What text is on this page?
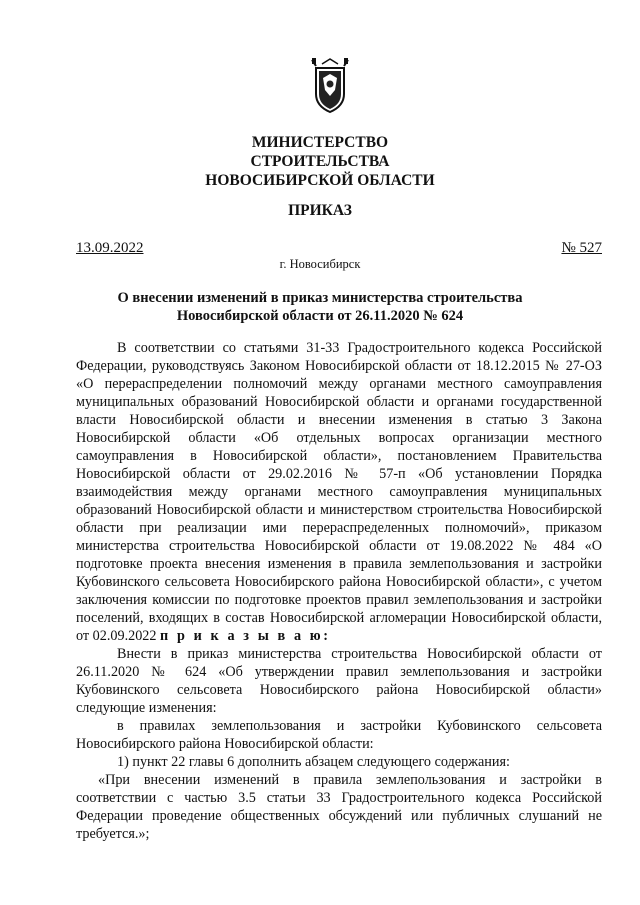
МИНИСТЕРСТВО
СТРОИТЕЛЬСТВА
НОВОСИБИРСКОЙ ОБЛАСТИ
ПРИКАЗ
13.09.2022	№ 527
г. Новосибирск
О внесении изменений в приказ министерства строительства
Новосибирской области от 26.11.2020 № 624

В соответствии со статьями 31-33 Градостроительного кодекса Российской Федерации, руководствуясь Законом Новосибирской области от 18.12.2015 № 27-ОЗ «О перераспределении полномочий между органами местного самоуправления муниципальных образований Новосибирской области и органами государственной власти Новосибирской области и внесении изменения в статью 3 Закона Новосибирской области «Об отдельных вопросах организации местного самоуправления в Новосибирской области», постановлением Правительства Новосибирской области от 29.02.2016 № 57-п «Об установлении Порядка взаимодействия между органами местного самоуправления муниципальных образований Новосибирской области и министерством строительства Новосибирской области при реализации ими перераспределенных полномочий», приказом министерства строительства Новосибирской области от 19.08.2022 № 484 «О подготовке проекта внесения изменения в правила землепользования и застройки Кубовинского сельсовета Новосибирского района Новосибирской области», с учетом заключения комиссии по подготовке проектов правил землепользования и застройки поселений, входящих в состав Новосибирской агломерации Новосибирской области, от 02.09.2022 п р и к а з ы в а ю:

Внести в приказ министерства строительства Новосибирской области от 26.11.2020 № 624 «Об утверждении правил землепользования и застройки Кубовинского сельсовета Новосибирского района Новосибирской области» следующие изменения:

в правилах землепользования и застройки Кубовинского сельсовета Новосибирского района Новосибирской области:

1) пункт 22 главы 6 дополнить абзацем следующего содержания:

«При внесении изменений в правила землепользования и застройки в соответствии с частью 3.5 статьи 33 Градостроительного кодекса Российской Федерации проведение общественных обсуждений или публичных слушаний не требуется.»;
